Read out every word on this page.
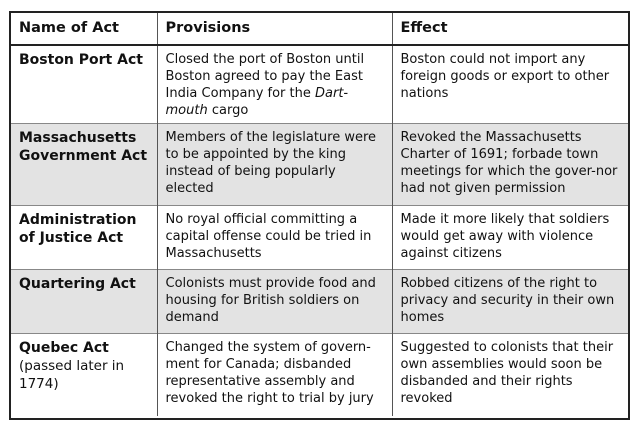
Name of Act	Provisions	Effect

Boston Port Act	Closed the port of Boston until Boston agreed to pay the East India Company for the Dart-mouth cargo	Boston could not import any foreign goods or export to other nations

Massachusetts Government Act	Members of the legislature were to be appointed by the king instead of being popularly elected	Revoked the Massachusetts Charter of 1691; forbade town meetings for which the gover-nor had not given permission

Administration of Justice Act	No royal official committing a capital offense could be tried in Massachusetts	Made it more likely that soldiers would get away with violence against citizens

Quartering Act	Colonists must provide food and housing for British soldiers on demand	Robbed citizens of the right to privacy and security in their own homes

Quebec Act
(passed later in 1774)	Changed the system of govern-ment for Canada; disbanded representative assembly and revoked the right to trial by jury	Suggested to colonists that their own assemblies would soon be disbanded and their rights revoked
